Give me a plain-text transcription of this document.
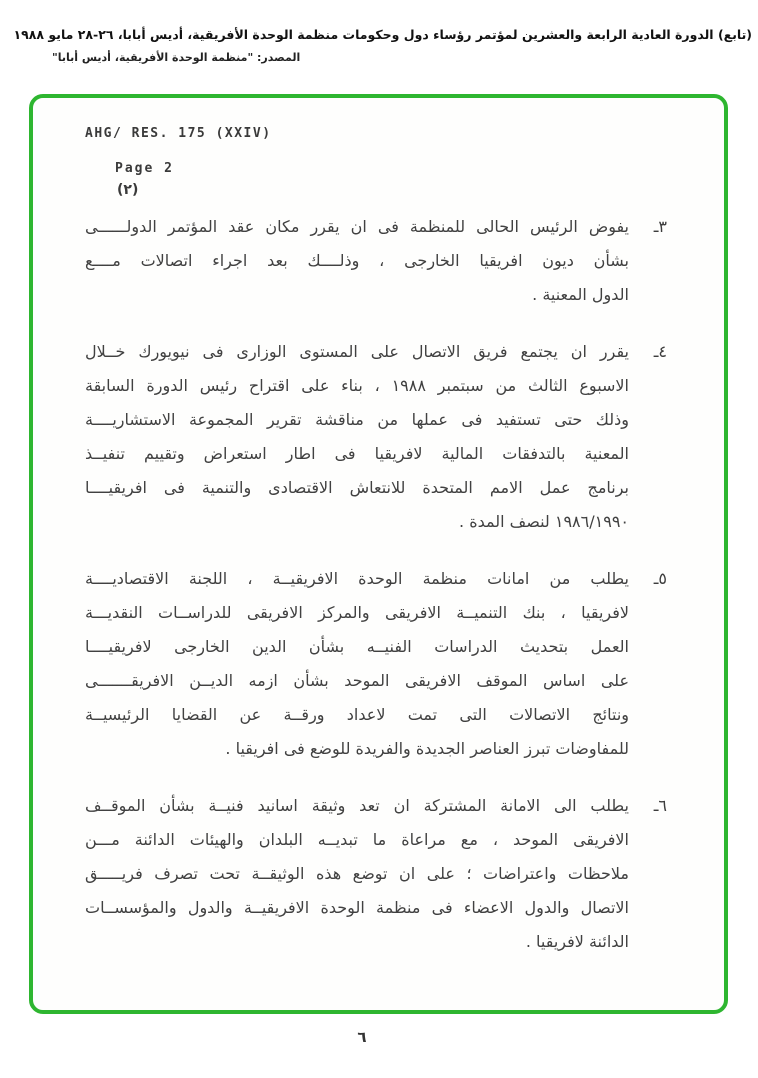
(تابع) الدورة العادية الرابعة والعشرين لمؤتمر رؤساء دول وحكومات منظمة الوحدة الأفريقية، أديس أبابا، ٢٦-٢٨ مايو ١٩٨٨
المصدر: "منظمة الوحدة الأفريقية، أديس أبابا"
AHG/ RES. 175 (XXIV)
Page 2
(٢)
٣ـ
يفوض الرئيس الحالى للمنظمة فى ان يقرر مكان عقد المؤتمر الدولــــــى
بشأن ديون افريقيا الخارجى ، وذلــــك بعد اجراء اتصالات مــــع
الدول المعنية .
٤ـ
يقرر ان يجتمع فريق الاتصال على المستوى الوزارى فى نيويورك خــلال
الاسبوع الثالث من سبتمبر ١٩٨٨ ، بناء على اقتراح رئيس الدورة السابقة
وذلك حتى تستفيد فى عملها من مناقشة تقرير المجموعة الاستشاريــــة
المعنية بالتدفقات المالية لافريقيا فى اطار استعراض وتقييم تنفيــذ
برنامج عمل الامم المتحدة للانتعاش الاقتصادى والتنمية فى افريقيــــا
١٩٨٦/١٩٩٠ لنصف المدة .
٥ـ
يطلب من امانات منظمة الوحدة الافريقيــة ، اللجنة الاقتصاديــــة
لافريقيا ، بنك التنميــة الافريقى والمركز الافريقى للدراســات النقديـــة
العمل بتحديث الدراسات الفنيــه بشأن الدين الخارجى لافريقيــــا
على اساس الموقف الافريقى الموحد بشأن ازمه الديــن الافريقـــــــى
ونتائج الاتصالات التى تمت لاعداد ورقــة عن القضايا الرئيسيــة
للمفاوضات تبرز العناصر الجديدة والفريدة للوضع فى افريقيا .
٦ـ
يطلب الى الامانة المشتركة ان تعد وثيقة اسانيد فنيــة بشأن الموقــف
الافريقى الموحد ، مع مراعاة ما تبديــه البلدان والهيئات الدائنة مـــن
ملاحظات واعتراضات ؛ على ان توضع هذه الوثيقــة تحت تصرف فريـــــق
الاتصال والدول الاعضاء فى منظمة الوحدة الافريقيــة والدول والمؤسســات
الدائنة لافريقيا .
٦
